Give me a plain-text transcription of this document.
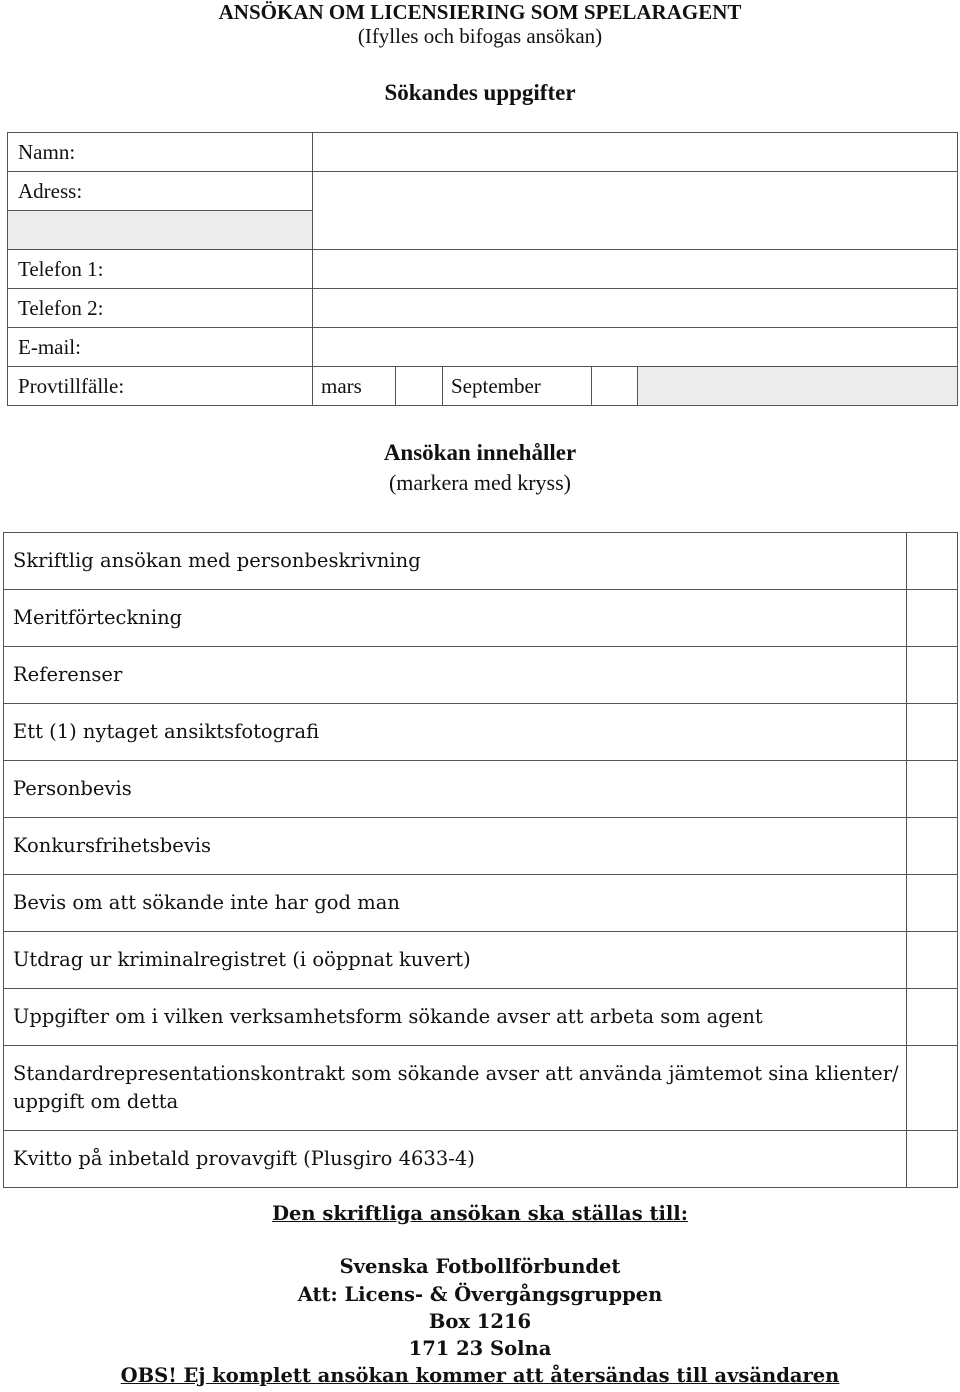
ANSÖKAN OM LICENSIERING SOM SPELARAGENT
(Ifylles och bifogas ansökan)
Sökandes uppgifter
Namn:					
Adress:					

Telefon 1:					
Telefon 2:					
E-mail:					
Provtillfälle:	mars		September		
Ansökan innehåller
(markera med kryss)
Skriftlig ansökan med personbeskrivning	
Meritförteckning	
Referenser	
Ett (1) nytaget ansiktsfotografi	
Personbevis	
Konkursfrihetsbevis	
Bevis om att sökande inte har god man	
Utdrag ur kriminalregistret (i oöppnat kuvert)	
Uppgifter om i vilken verksamhetsform sökande avser att arbeta som agent	
Standardrepresentationskontrakt som sökande avser att använda jämtemot sina klienter/ uppgift om detta	
Kvitto på inbetald provavgift (Plusgiro 4633-4)	
Den skriftliga ansökan ska ställas till:
Svenska Fotbollförbundet
Att: Licens- & Övergångsgruppen
Box 1216
171 23 Solna
OBS! Ej komplett ansökan kommer att återsändas till avsändaren
